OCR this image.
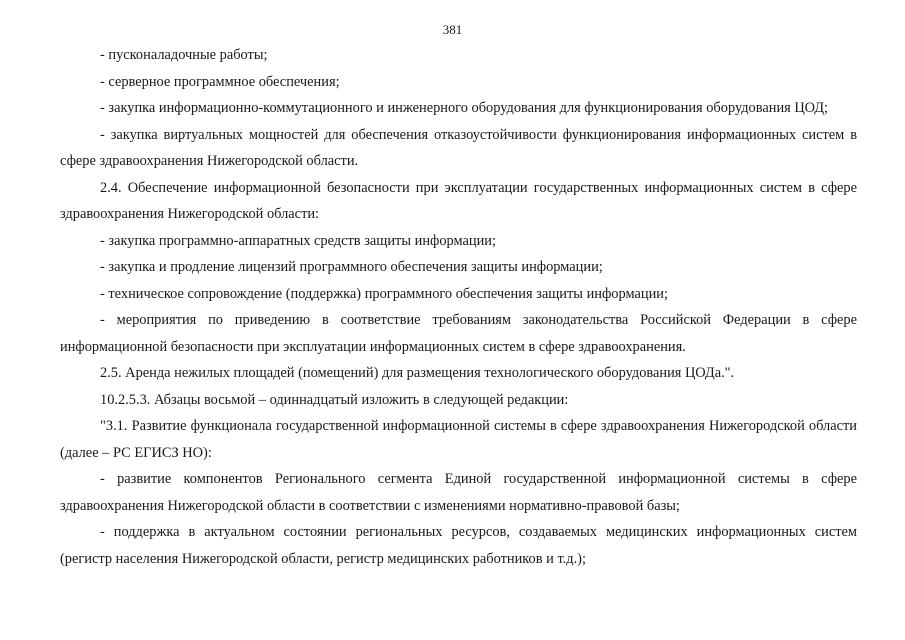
381

- пусконаладочные работы;

- серверное программное обеспечения;

- закупка информационно-коммутационного и инженерного оборудования для функционирования оборудования ЦОД;

- закупка виртуальных мощностей для обеспечения отказоустойчивости функционирования информационных систем в сфере здравоохранения Нижегородской области.

2.4. Обеспечение информационной безопасности при эксплуатации государственных информационных систем в сфере здравоохранения Нижегородской области:

- закупка программно-аппаратных средств защиты информации;

- закупка и продление лицензий программного обеспечения защиты информации;

- техническое сопровождение (поддержка) программного обеспечения защиты информации;

- мероприятия по приведению в соответствие требованиям законодательства Российской Федерации в сфере информационной безопасности при эксплуатации информационных систем в сфере здравоохранения.

2.5. Аренда нежилых площадей (помещений) для размещения технологического оборудования ЦОДа.".

10.2.5.3. Абзацы восьмой – одиннадцатый изложить в следующей редакции:

"3.1. Развитие функционала государственной информационной системы в сфере здравоохранения Нижегородской области (далее – РС ЕГИСЗ НО):

- развитие компонентов Регионального сегмента Единой государственной информационной системы в сфере здравоохранения Нижегородской области в соответствии с изменениями нормативно-правовой базы;

- поддержка в актуальном состоянии региональных ресурсов, создаваемых медицинских информационных систем (регистр населения Нижегородской области, регистр медицинских работников и т.д.);
